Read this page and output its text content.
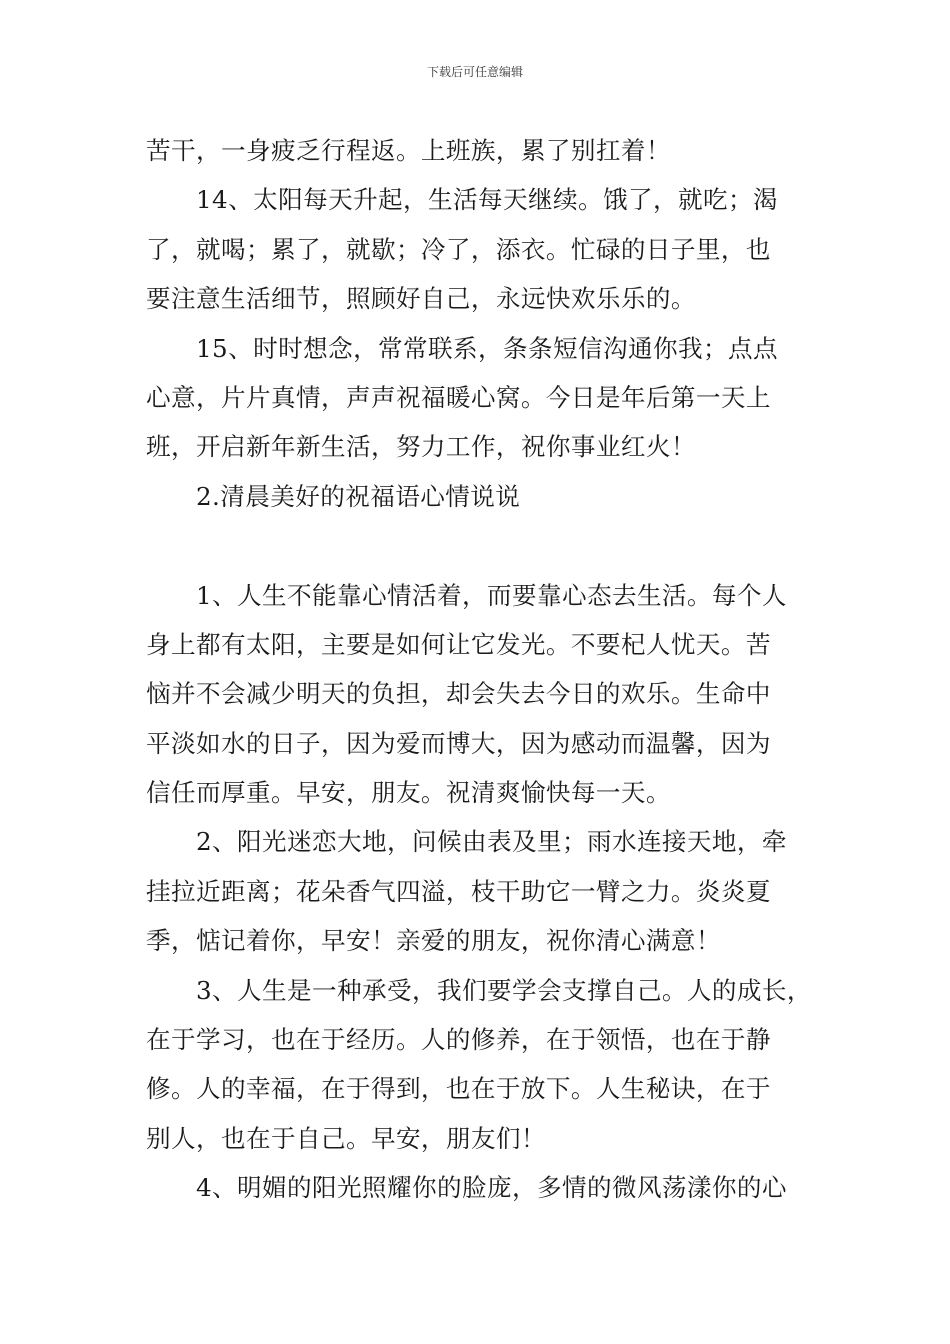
下载后可任意编辑
苦干，一身疲乏行程返。上班族，累了别扛着！
14、太阳每天升起，生活每天继续。饿了，就吃；渴
了，就喝；累了，就歇；冷了，添衣。忙碌的日子里，也
要注意生活细节，照顾好自己，永远快欢乐乐的。
15、时时想念，常常联系，条条短信沟通你我；点点
心意，片片真情，声声祝福暖心窝。今日是年后第一天上
班，开启新年新生活，努力工作，祝你事业红火！
2.清晨美好的祝福语心情说说
1、人生不能靠心情活着，而要靠心态去生活。每个人
身上都有太阳，主要是如何让它发光。不要杞人忧天。苦
恼并不会减少明天的负担，却会失去今日的欢乐。生命中
平淡如水的日子，因为爱而博大，因为感动而温馨，因为
信任而厚重。早安，朋友。祝清爽愉快每一天。
2、阳光迷恋大地，问候由表及里；雨水连接天地，牵
挂拉近距离；花朵香气四溢，枝干助它一臂之力。炎炎夏
季，惦记着你，早安！亲爱的朋友，祝你清心满意！
3、人生是一种承受，我们要学会支撑自己。人的成长，
在于学习，也在于经历。人的修养，在于领悟，也在于静
修。人的幸福，在于得到，也在于放下。人生秘诀，在于
别人，也在于自己。早安，朋友们！
4、明媚的阳光照耀你的脸庞，多情的微风荡漾你的心
